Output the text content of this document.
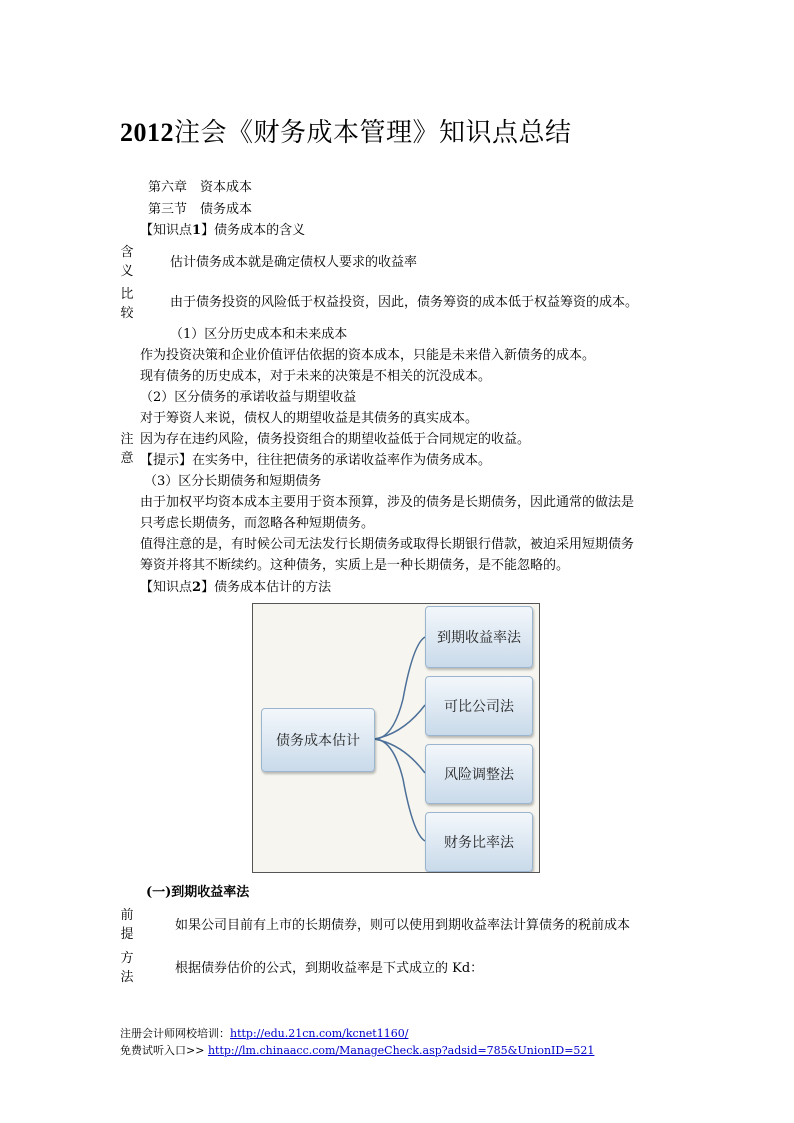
2012注会《财务成本管理》知识点总结
第六章　资本成本
第三节　债务成本
【知识点1】债务成本的含义
含义
估计债务成本就是确定债权人要求的收益率
比较
由于债务投资的风险低于权益投资，因此，债务筹资的成本低于权益筹资的成本。
注意
（1）区分历史成本和未来成本
作为投资决策和企业价值评估依据的资本成本，只能是未来借入新债务的成本。
现有债务的历史成本，对于未来的决策是不相关的沉没成本。
（2）区分债务的承诺收益与期望收益
对于筹资人来说，债权人的期望收益是其债务的真实成本。
因为存在违约风险，债务投资组合的期望收益低于合同规定的收益。
【提示】在实务中，往往把债务的承诺收益率作为债务成本。
（3）区分长期债务和短期债务
由于加权平均资本成本主要用于资本预算，涉及的债务是长期债务，因此通常的做法是
只考虑长期债务，而忽略各种短期债务。
值得注意的是，有时候公司无法发行长期债务或取得长期银行借款，被迫采用短期债务
筹资并将其不断续约。这种债务，实质上是一种长期债务，是不能忽略的。
【知识点2】债务成本估计的方法
债务成本估计
到期收益率法
可比公司法
风险调整法
财务比率法
(一)到期收益率法
前提
如果公司目前有上市的长期债券，则可以使用到期收益率法计算债务的税前成本
方法
根据债券估价的公式，到期收益率是下式成立的 Kd：
注册会计师网校培训：http://edu.21cn.com/kcnet1160/
免费试听入口>> http://lm.chinaacc.com/ManageCheck.asp?adsid=785&UnionID=521
